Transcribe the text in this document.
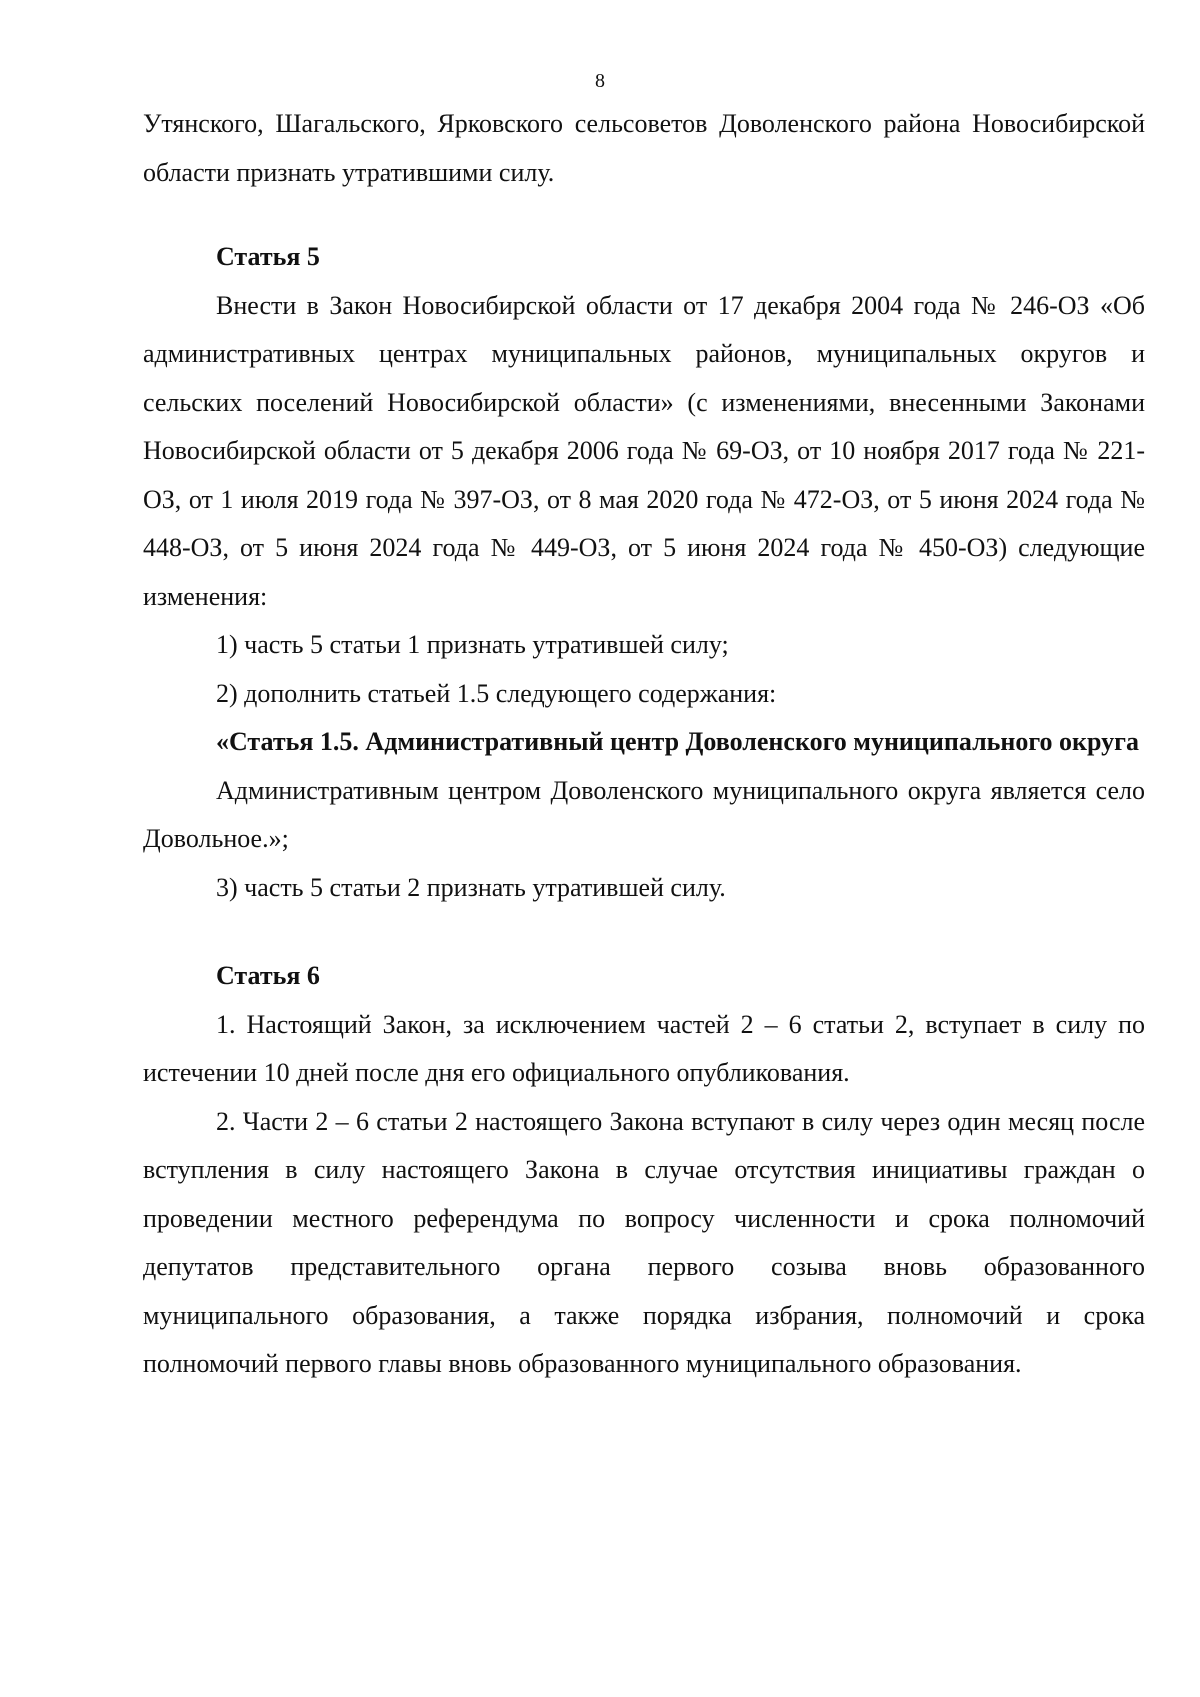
8

Утянского, Шагальского, Ярковского сельсоветов Доволенского района Новосибирской области признать утратившими силу.

Статья 5

Внести в Закон Новосибирской области от 17 декабря 2004 года № 246-ОЗ «Об административных центрах муниципальных районов, муниципальных округов и сельских поселений Новосибирской области» (с изменениями, внесенными Законами Новосибирской области от 5 декабря 2006 года № 69-ОЗ, от 10 ноября 2017 года № 221-ОЗ, от 1 июля 2019 года № 397-ОЗ, от 8 мая 2020 года № 472-ОЗ, от 5 июня 2024 года № 448-ОЗ, от 5 июня 2024 года № 449-ОЗ, от 5 июня 2024 года № 450-ОЗ) следующие изменения:

1) часть 5 статьи 1 признать утратившей силу;

2) дополнить статьей 1.5 следующего содержания:

«Статья 1.5. Административный центр Доволенского муниципального округа

Административным центром Доволенского муниципального округа является село Довольное.»;

3) часть 5 статьи 2 признать утратившей силу.

Статья 6

1. Настоящий Закон, за исключением частей 2 – 6 статьи 2, вступает в силу по истечении 10 дней после дня его официального опубликования.

2. Части 2 – 6 статьи 2 настоящего Закона вступают в силу через один месяц после вступления в силу настоящего Закона в случае отсутствия инициативы граждан о проведении местного референдума по вопросу численности и срока полномочий депутатов представительного органа первого созыва вновь образованного муниципального образования, а также порядка избрания, полномочий и срока полномочий первого главы вновь образованного муниципального образования.
